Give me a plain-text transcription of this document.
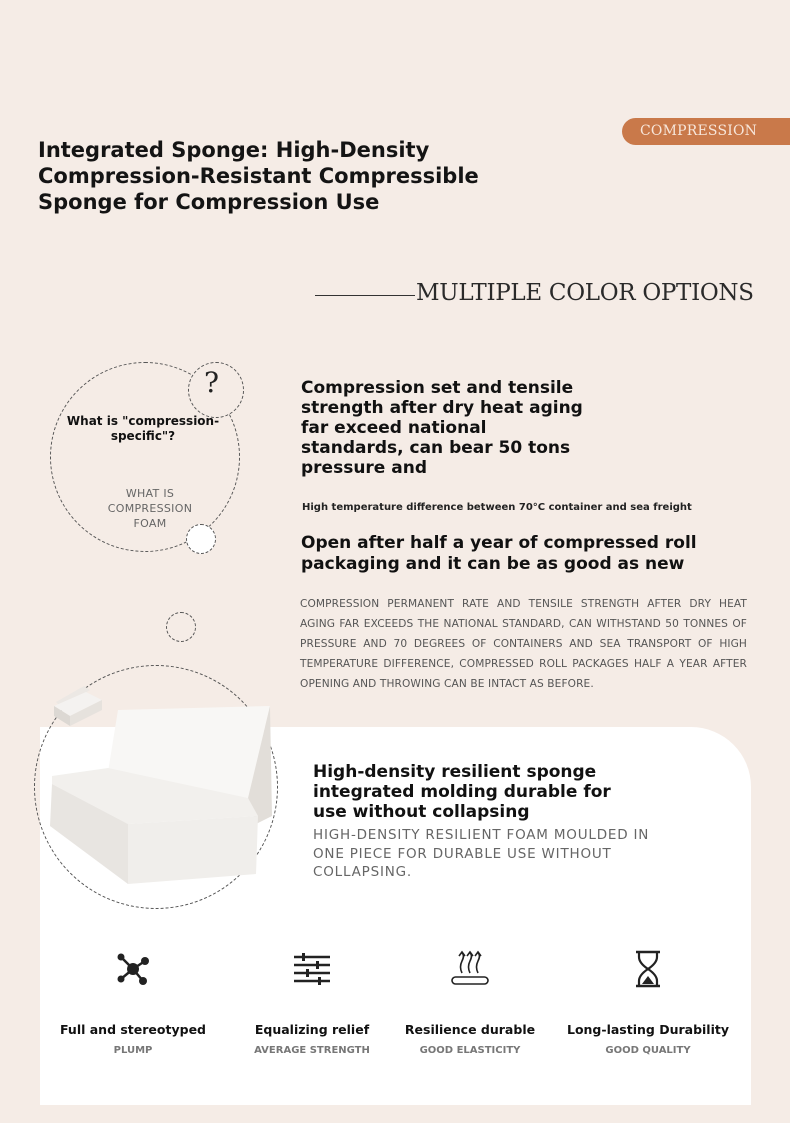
COMPRESSION
Integrated Sponge: High-Density Compression-Resistant Compressible Sponge for Compression Use
MULTIPLE COLOR OPTIONS
?
What is "compression-specific"?
WHAT IS COMPRESSION FOAM
Compression set and tensile strength after dry heat aging far exceed national standards, can bear 50 tons pressure and
High temperature difference between 70°C container and sea freight
Open after half a year of compressed roll packaging and it can be as good as new
COMPRESSION PERMANENT RATE AND TENSILE STRENGTH AFTER DRY HEAT AGING FAR EXCEEDS THE NATIONAL STANDARD, CAN WITHSTAND 50 TONNES OF PRESSURE AND 70 DEGREES OF CONTAINERS AND SEA TRANSPORT OF HIGH TEMPERATURE DIFFERENCE, COMPRESSED ROLL PACKAGES HALF A YEAR AFTER OPENING AND THROWING CAN BE INTACT AS BEFORE.
High-density resilient sponge integrated molding durable for use without collapsing
HIGH-DENSITY RESILIENT FOAM MOULDED IN ONE PIECE FOR DURABLE USE WITHOUT COLLAPSING.
Full and stereotyped
PLUMP
Equalizing relief
AVERAGE STRENGTH
Resilience durable
GOOD ELASTICITY
Long-lasting Durability
GOOD QUALITY
